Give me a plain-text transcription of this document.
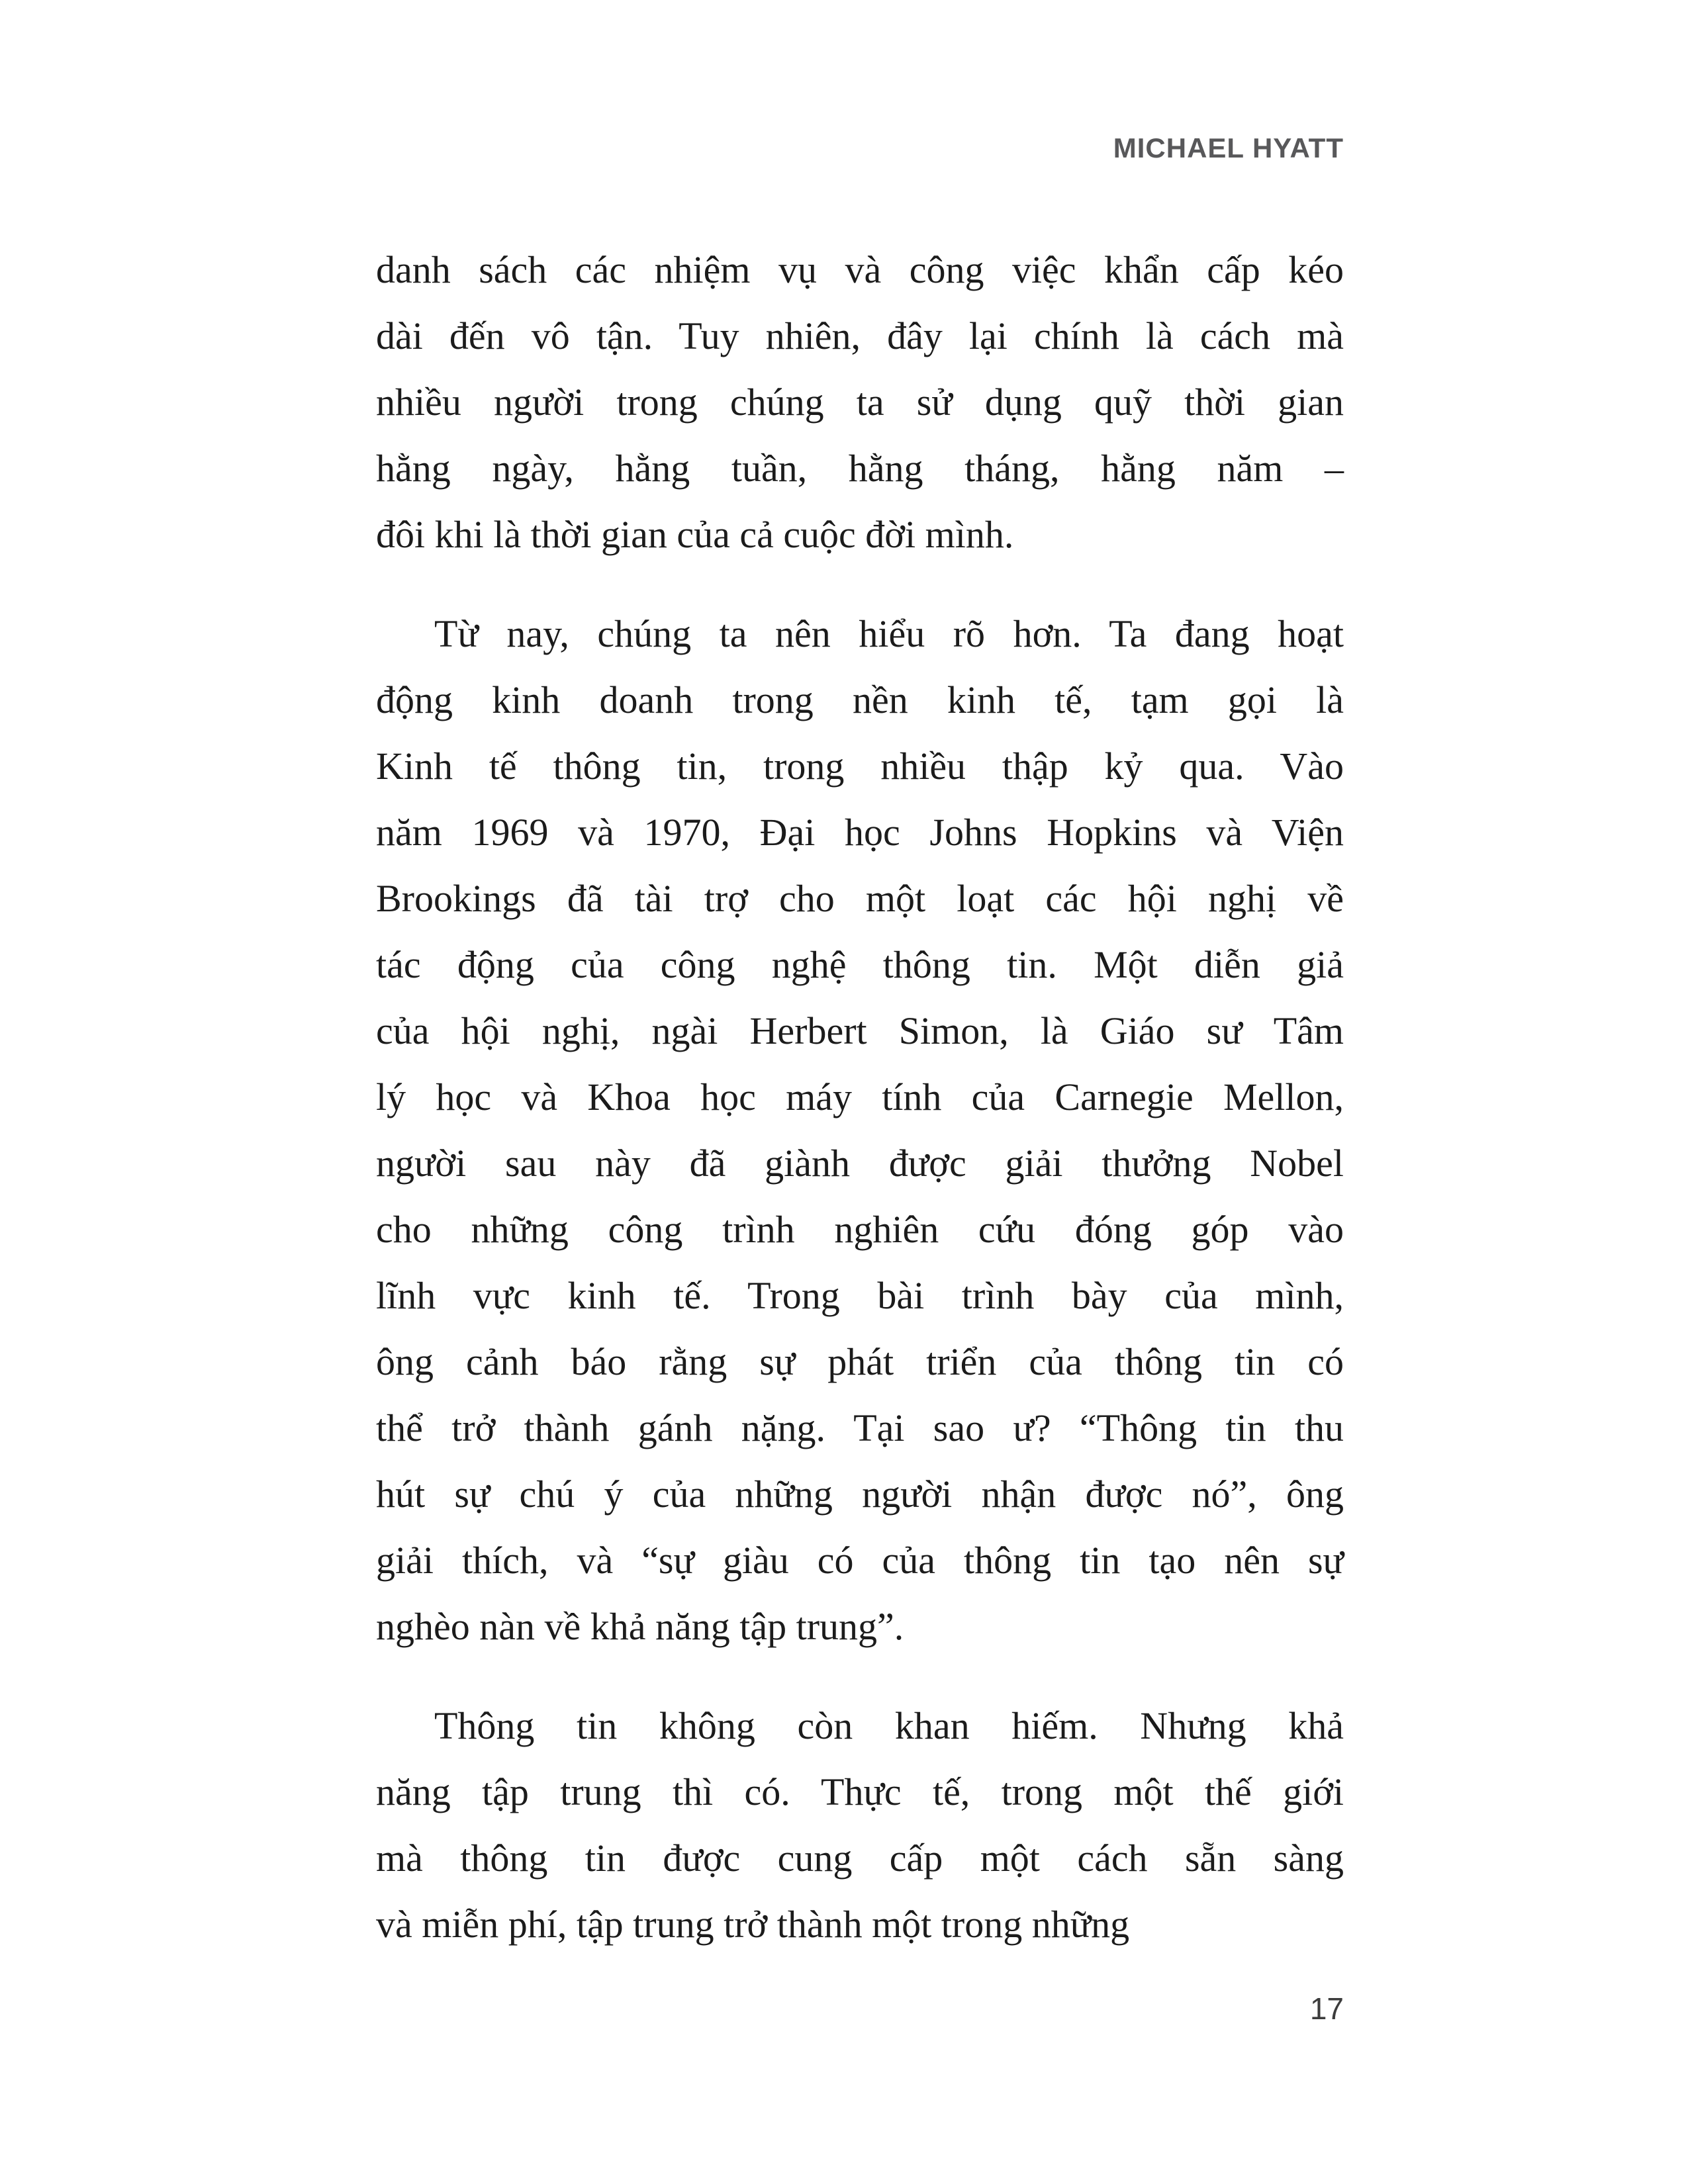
MICHAEL HYATT
danh sách các nhiệm vụ và công việc khẩn cấp kéo
dài đến vô tận. Tuy nhiên, đây lại chính là cách mà
nhiều người trong chúng ta sử dụng quỹ thời gian
hằng ngày, hằng tuần, hằng tháng, hằng năm –
đôi khi là thời gian của cả cuộc đời mình.
Từ nay, chúng ta nên hiểu rõ hơn. Ta đang hoạt
động kinh doanh trong nền kinh tế, tạm gọi là
Kinh tế thông tin, trong nhiều thập kỷ qua. Vào
năm 1969 và 1970, Đại học Johns Hopkins và Viện
Brookings đã tài trợ cho một loạt các hội nghị về
tác động của công nghệ thông tin. Một diễn giả
của hội nghị, ngài Herbert Simon, là Giáo sư Tâm
lý học và Khoa học máy tính của Carnegie Mellon,
người sau này đã giành được giải thưởng Nobel
cho những công trình nghiên cứu đóng góp vào
lĩnh vực kinh tế. Trong bài trình bày của mình,
ông cảnh báo rằng sự phát triển của thông tin có
thể trở thành gánh nặng. Tại sao ư? “Thông tin thu
hút sự chú ý của những người nhận được nó”, ông
giải thích, và “sự giàu có của thông tin tạo nên sự
nghèo nàn về khả năng tập trung”.
Thông tin không còn khan hiếm. Nhưng khả
năng tập trung thì có. Thực tế, trong một thế giới
mà thông tin được cung cấp một cách sẵn sàng
và miễn phí, tập trung trở thành một trong những
17
